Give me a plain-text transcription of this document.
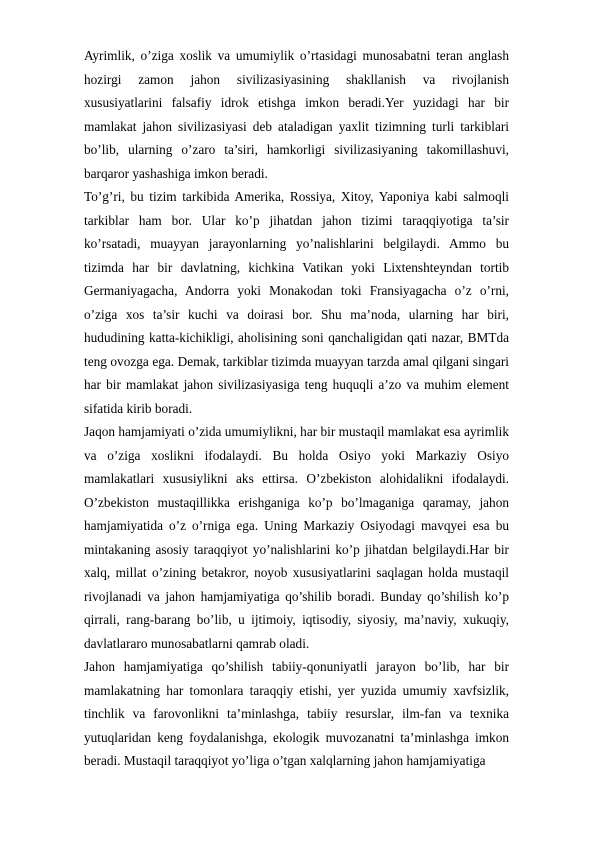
Ayrimlik, o’ziga xoslik va umumiylik o’rtasidagi munosabatni teran anglash hozirgi zamon jahon sivilizasiyasining shakllanish va rivojlanish xususiyatlarini falsafiy idrok etishga imkon beradi.Yer yuzidagi har bir mamlakat jahon sivilizasiyasi deb ataladigan yaxlit tizimning turli tarkiblari bo’lib, ularning o’zaro ta’siri, hamkorligi sivilizasiyaning takomillashuvi, barqaror yashashiga imkon beradi.

To’g’ri, bu tizim tarkibida Amerika, Rossiya, Xitoy, Yaponiya kabi salmoqli tarkiblar ham bor. Ular ko’p jihatdan jahon tizimi taraqqiyotiga ta’sir ko’rsatadi, muayyan jarayonlarning yo’nalishlarini belgilaydi. Ammo bu tizimda har bir davlatning, kichkina Vatikan yoki Lixtenshteyndan tortib Germaniyagacha, Andorra yoki Monakodan toki Fransiyagacha o’z o’rni, o’ziga xos ta’sir kuchi va doirasi bor. Shu ma’noda, ularning har biri, hududining katta-kichikligi, aholisining soni qanchaligidan qati nazar, BMTda teng ovozga ega. Demak, tarkiblar tizimda muayyan tarzda amal qilgani singari har bir mamlakat jahon sivilizasiyasiga teng huquqli a’zo va muhim element sifatida kirib boradi.

Jaqon hamjamiyati o’zida umumiylikni, har bir mustaqil mamlakat esa ayrimlik va o’ziga xoslikni ifodalaydi. Bu holda Osiyo yoki Markaziy Osiyo mamlakatlari xususiylikni aks ettirsa. O’zbekiston alohidalikni ifodalaydi. O’zbekiston mustaqillikka erishganiga ko’p bo’lmaganiga qaramay, jahon hamjamiyatida o’z o’rniga ega. Uning Markaziy Osiyodagi mavqyei esa bu mintakaning asosiy taraqqiyot yo’nalishlarini ko’p jihatdan belgilaydi.Har bir xalq, millat o’zining betakror, noyob xususiyatlarini saqlagan holda mustaqil rivojlanadi va jahon hamjamiyatiga qo’shilib boradi. Bunday qo’shilish ko’p qirrali, rang-barang bo’lib, u ijtimoiy, iqtisodiy, siyosiy, ma’naviy, xukuqiy, davlatlararo munosabatlarni qamrab oladi.

Jahon hamjamiyatiga qo’shilish tabiiy-qonuniyatli jarayon bo’lib, har bir mamlakatning har tomonlara taraqqiy etishi, yer yuzida umumiy xavfsizlik, tinchlik va farovonlikni ta’minlashga, tabiiy resurslar, ilm-fan va texnika yutuqlaridan keng foydalanishga, ekologik muvozanatni ta’minlashga imkon beradi. Mustaqil taraqqiyot yo’liga o’tgan xalqlarning jahon hamjamiyatiga
